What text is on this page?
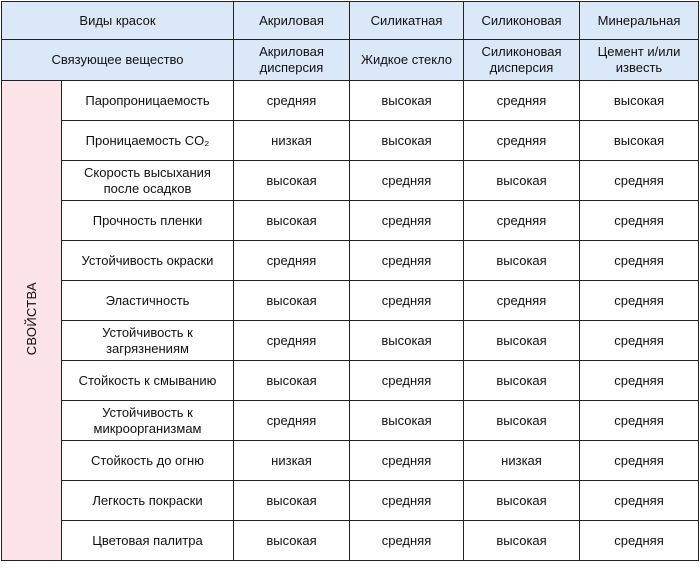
Виды красок		Акриловая	Силикатная	Силиконовая	Минеральная
Связующее вещество		Акриловая дисперсия	Жидкое стекло	Силиконовая дисперсия	Цемент и/или известь
СВОЙСТВА	Паропроницаемость	средняя	высокая	средняя	высокая
	Проницаемость CO₂	низкая	высокая	средняя	высокая
	Скорость высыхания после осадков	высокая	средняя	высокая	средняя
	Прочность пленки	высокая	средняя	средняя	средняя
	Устойчивость окраски	средняя	средняя	высокая	средняя
	Эластичность	высокая	средняя	средняя	средняя
	Устойчивость к загрязнениям	средняя	высокая	высокая	средняя
	Стойкость к смыванию	высокая	средняя	высокая	средняя
	Устойчивость к микроорганизмам	средняя	высокая	высокая	средняя
	Стойкость до огню	низкая	средняя	низкая	средняя
	Легкость покраски	высокая	средняя	высокая	средняя
	Цветовая палитра	высокая	средняя	высокая	средняя
